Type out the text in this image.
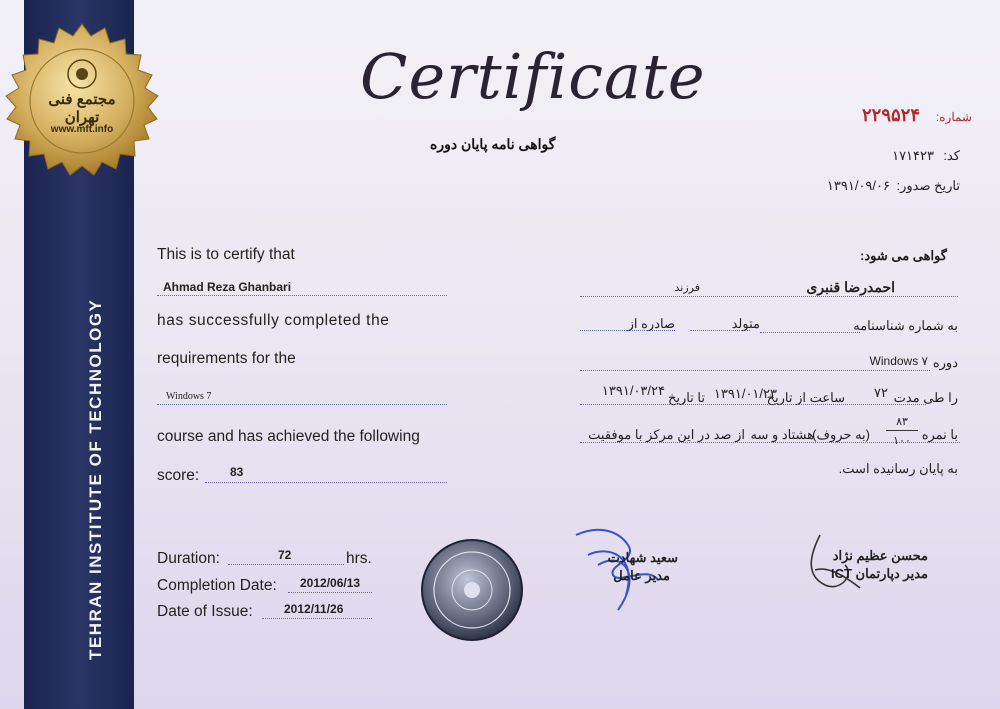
TEHRAN INSTITUTE OF TECHNOLOGY
مجتمع فنی تهران
www.mft.info
Certificate
گواهی نامه پایان دوره
شماره:
۲۲۹۵۲۴
کد:
۱۷۱۴۲۳
تاریخ صدور:
۱۳۹۱/۰۹/۰۶
This is to certify that
Ahmad Reza Ghanbari
has successfully completed the
requirements for the
Windows 7
course and has achieved the following
score:	83
Duration:	72	hrs.
Completion Date: 2012/06/13
Date of Issue:	2012/11/26
گواهی می شود:
احمدرضا قنبری
فرزند
به شماره شناسنامه
متولد
صادره از
دوره
Windows ۷
را طی مدت
۷۲
ساعت از تاریخ
۱۳۹۱/۰۱/۲۳
تا تاریخ
۱۳۹۱/۰۳/۲۴
با نمره
۸۳
۱۰۰
(به حروف)
هشتاد و سه
از صد
در این مرکز با موفقیت
به پایان رسانیده است.
سعید شهادت
مدیر عامل
محسن عظیم نژاد
مدیر دپارتمان ICT
